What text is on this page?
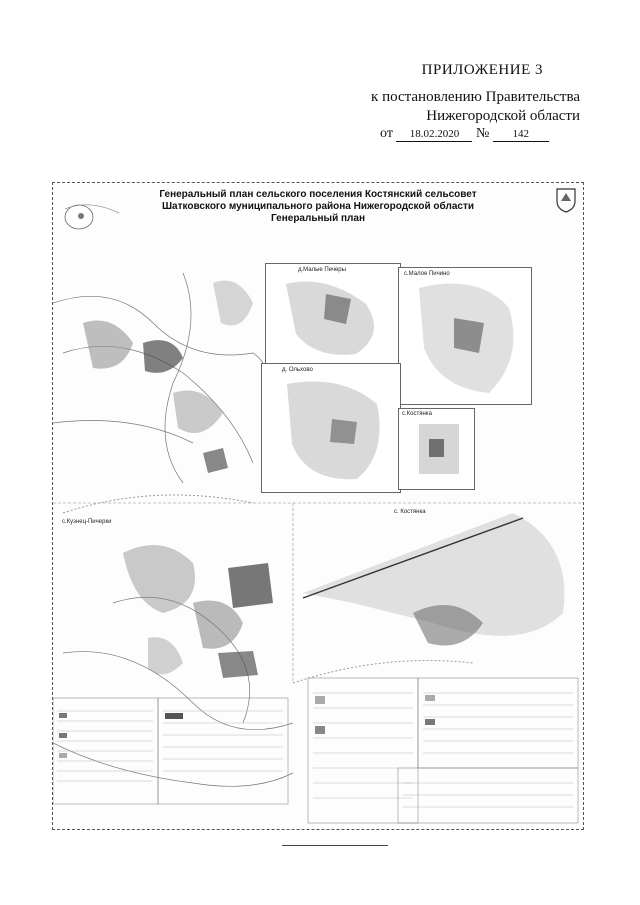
ПРИЛОЖЕНИЕ 3
к постановлению Правительства
Нижегородской области
от 18.02.2020 № 142
Генеральный план сельского поселения Костянский сельсовет
Шатковского муниципального района Нижегородской области
Генеральный план
д.Малые Печеры
с.Малое Пичино
д. Ольхово
с.Костянка
с.Кузнец-Пичерки
с. Костянка
